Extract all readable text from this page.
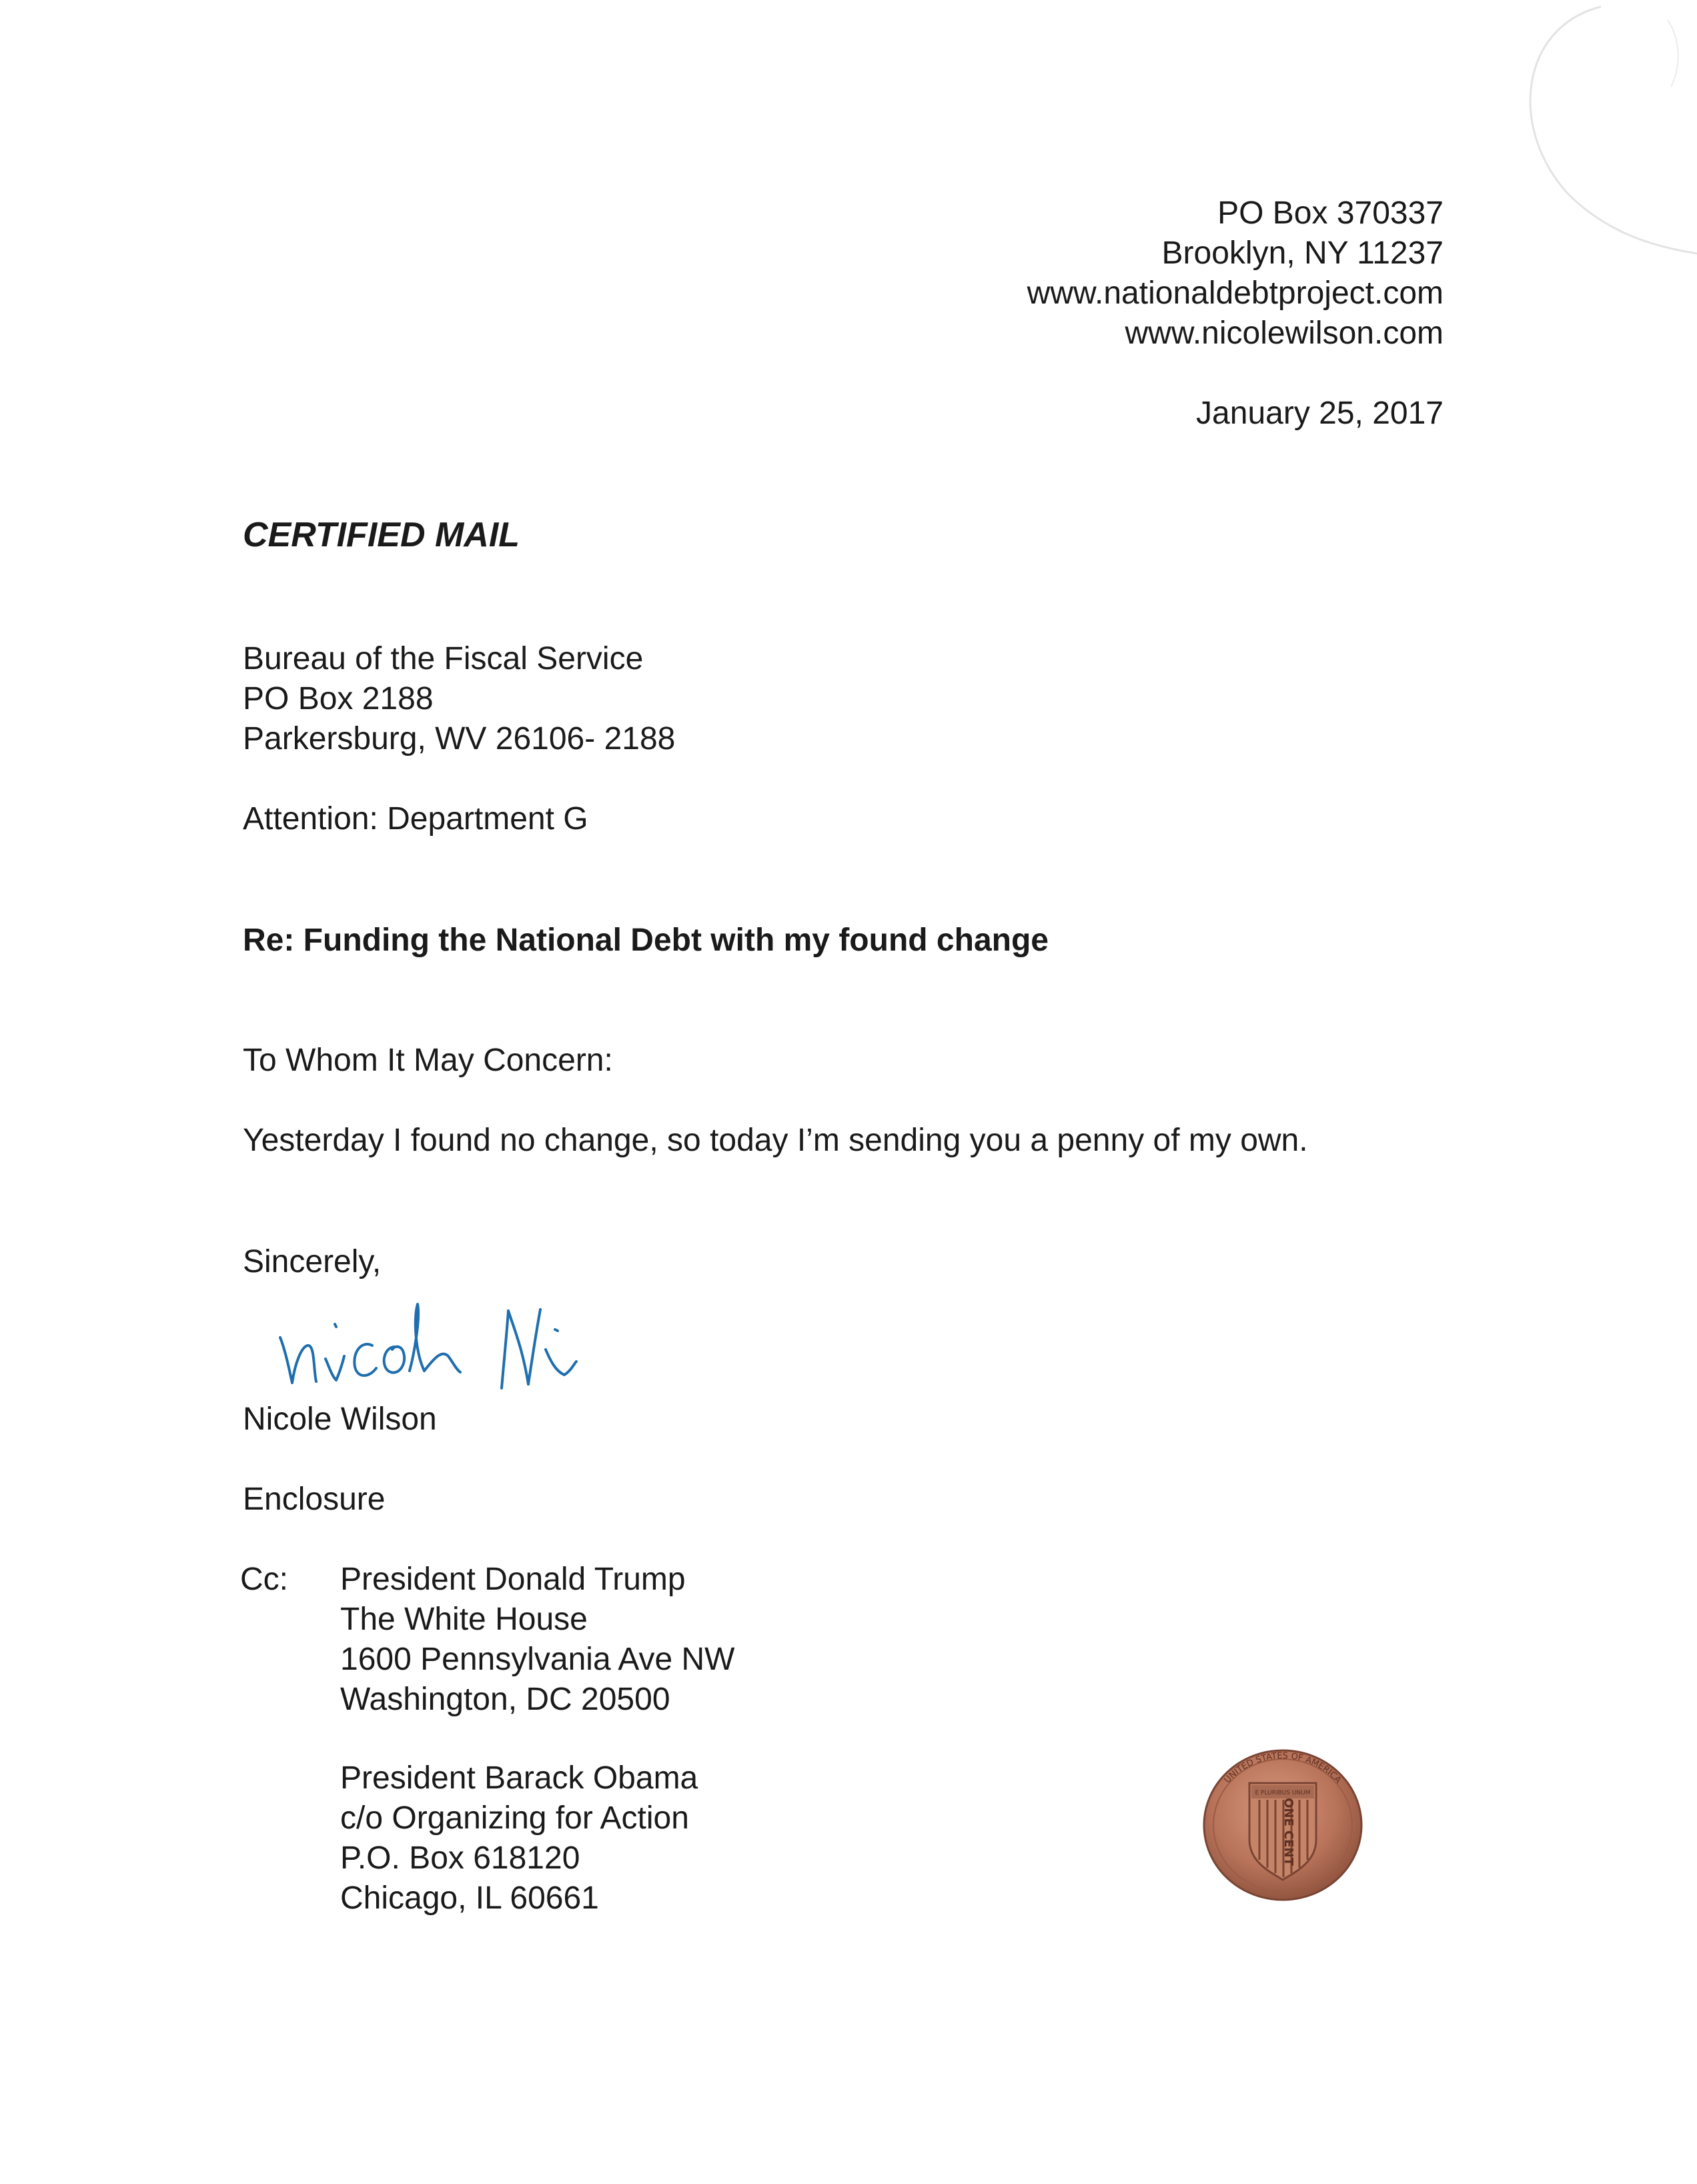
PO Box 370337
Brooklyn, NY 11237
www.nationaldebtproject.com
www.nicolewilson.com
January 25, 2017
CERTIFIED MAIL
Bureau of the Fiscal Service
PO Box 2188
Parkersburg, WV 26106- 2188
Attention: Department G
Re: Funding the National Debt with my found change
To Whom It May Concern:
Yesterday I found no change, so today I’m sending you a penny of my own.
Sincerely,
Nicole Wilson
Enclosure
Cc: President Donald Trump
The White House
1600 Pennsylvania Ave NW
Washington, DC 20500
President Barack Obama
c/o Organizing for Action
P.O. Box 618120
Chicago, IL 60661
ONE CENT
UNITED STATES OF AMERICA
E PLURIBUS UNUM
